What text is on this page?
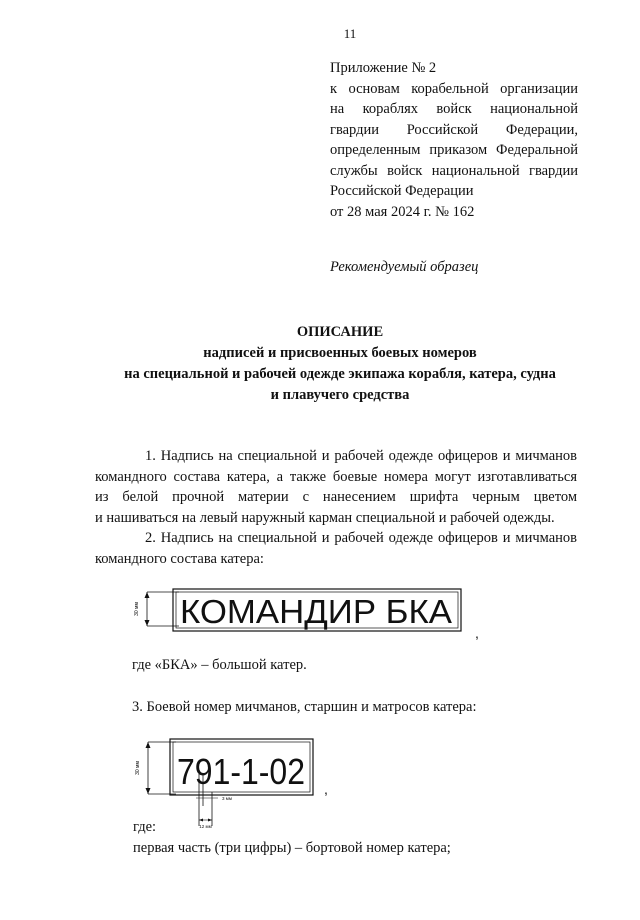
11
Приложение № 2
к основам корабельной организации
на кораблях войск национальной
гвардии Российской Федерации,
определенным приказом Федеральной
службы войск национальной гвардии
Российской Федерации
от 28 мая 2024 г. № 162
Рекомендуемый образец
ОПИСАНИЕ
надписей и присвоенных боевых номеров
на специальной и рабочей одежде экипажа корабля, катера, судна
и плавучего средства
1. Надпись на специальной и рабочей одежде офицеров и мичманов
командного состава катера, а также боевые номера могут изготавливаться
из белой прочной материи с нанесением шрифта черным цветом
и нашиваться на левый наружный карман специальной и рабочей одежды.
2. Надпись на специальной и рабочей одежде офицеров и мичманов
командного состава катера:
30 мм КОМАНДИР БКА
,
где «БКА» – большой катер.
3. Боевой номер мичманов, старшин и матросов катера:
30 мм 791-1-02
3 мм
12 мм
,
где:
первая часть (три цифры) – бортовой номер катера;
